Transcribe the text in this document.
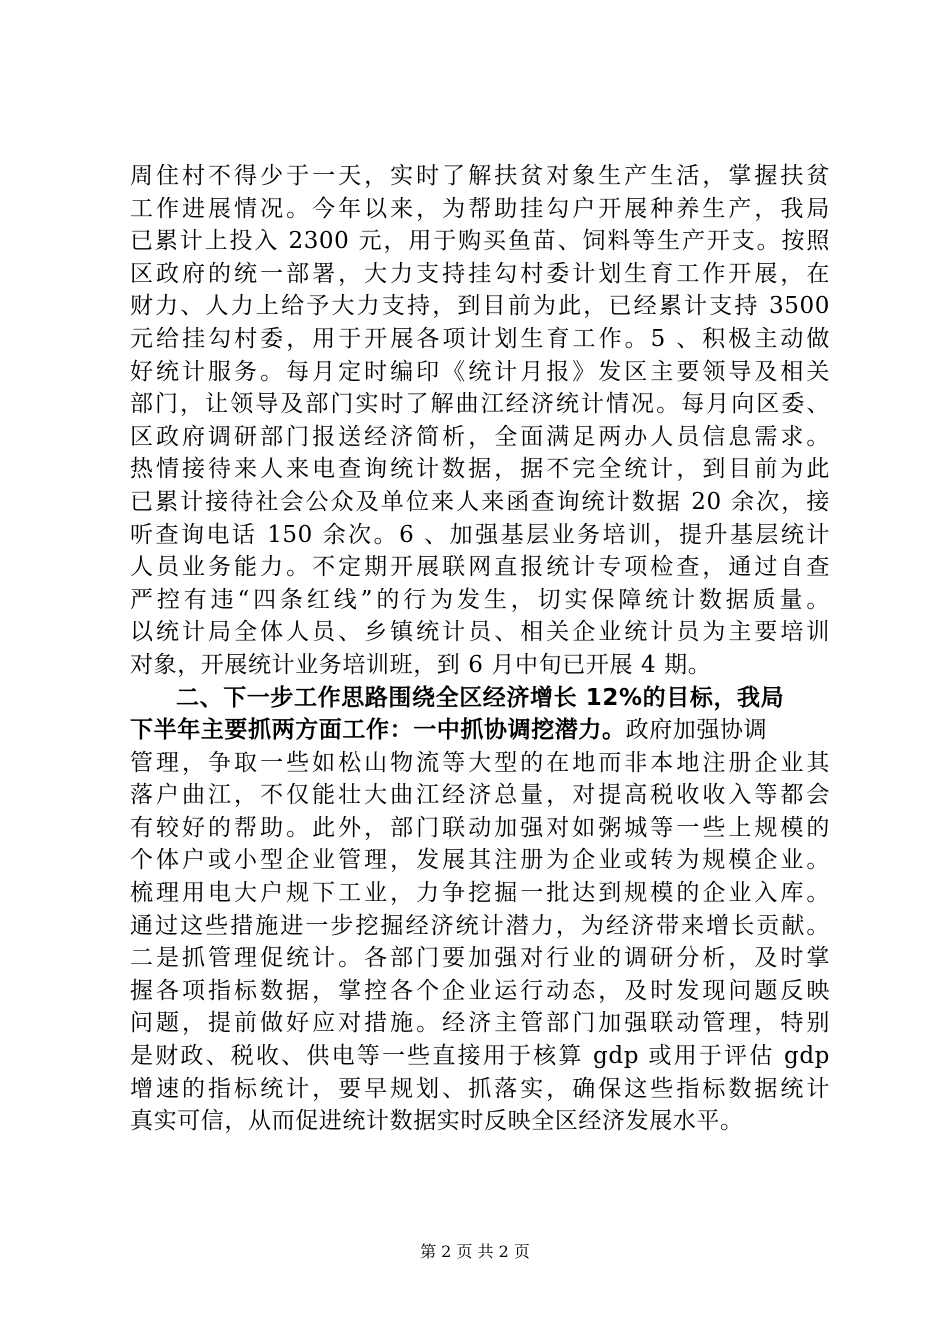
周住村不得少于一天，实时了解扶贫对象生产生活，掌握扶贫
工作进展情况。今年以来，为帮助挂勾户开展种养生产，我局
已累计上投入 2300 元，用于购买鱼苗、饲料等生产开支。按照
区政府的统一部署，大力支持挂勾村委计划生育工作开展，在
财力、人力上给予大力支持，到目前为此，已经累计支持 3500
元给挂勾村委，用于开展各项计划生育工作。5 、积极主动做
好统计服务。每月定时编印《统计月报》发区主要领导及相关
部门，让领导及部门实时了解曲江经济统计情况。每月向区委、
区政府调研部门报送经济简析，全面满足两办人员信息需求。
热情接待来人来电查询统计数据，据不完全统计，到目前为此
已累计接待社会公众及单位来人来函查询统计数据 20 余次，接
听查询电话 150 余次。6 、加强基层业务培训，提升基层统计
人员业务能力。不定期开展联网直报统计专项检查，通过自查
严控有违“四条红线”的行为发生，切实保障统计数据质量。
以统计局全体人员、乡镇统计员、相关企业统计员为主要培训
对象，开展统计业务培训班，到 6 月中旬已开展 4 期。
二、下一步工作思路围绕全区经济增长 12%的目标，我局
下半年主要抓两方面工作：一中抓协调挖潜力。政府加强协调
管理，争取一些如松山物流等大型的在地而非本地注册企业其
落户曲江，不仅能壮大曲江经济总量，对提高税收收入等都会
有较好的帮助。此外，部门联动加强对如粥城等一些上规模的
个体户或小型企业管理，发展其注册为企业或转为规模企业。
梳理用电大户规下工业，力争挖掘一批达到规模的企业入库。
通过这些措施进一步挖掘经济统计潜力，为经济带来增长贡献。
二是抓管理促统计。各部门要加强对行业的调研分析，及时掌
握各项指标数据，掌控各个企业运行动态，及时发现问题反映
问题，提前做好应对措施。经济主管部门加强联动管理，特别
是财政、税收、供电等一些直接用于核算 gdp 或用于评估 gdp
增速的指标统计，要早规划、抓落实，确保这些指标数据统计
真实可信，从而促进统计数据实时反映全区经济发展水平。
第 2 页 共 2 页
